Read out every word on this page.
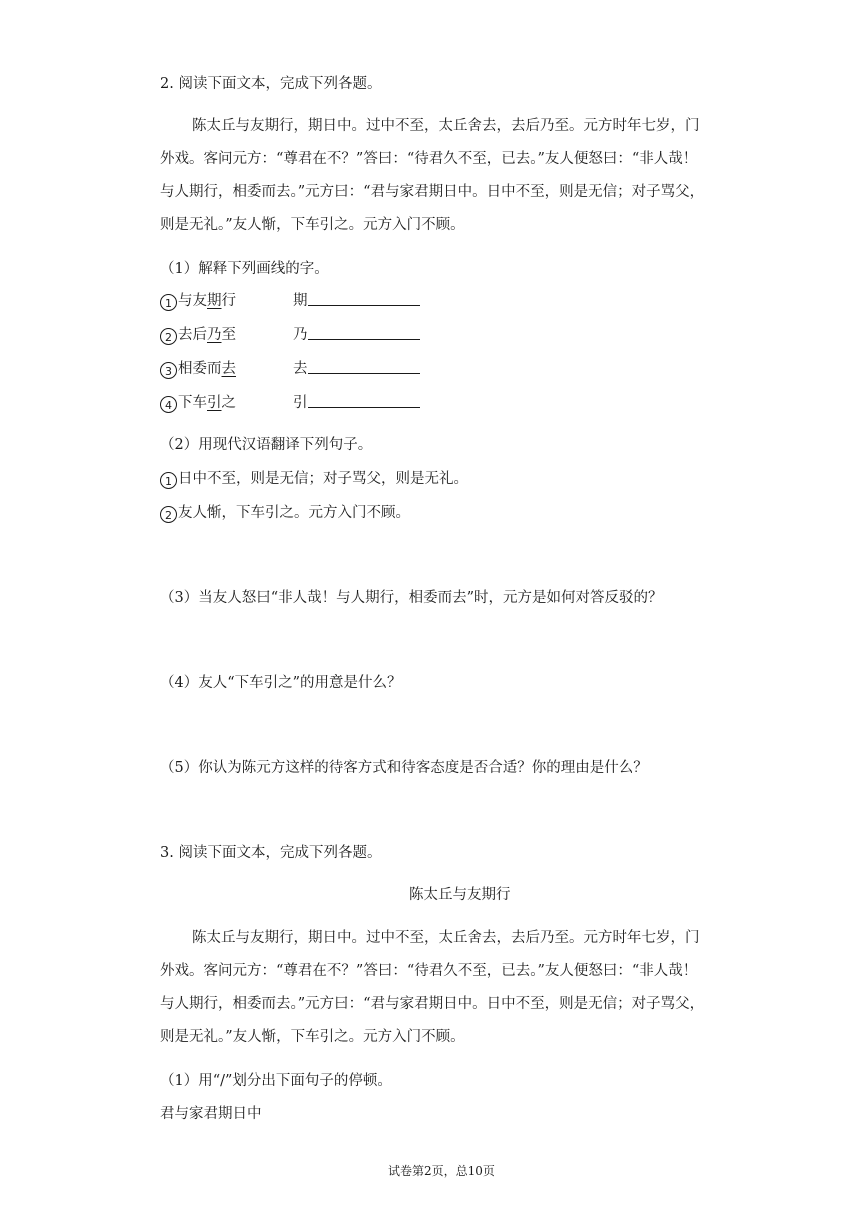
2. 阅读下面文本，完成下列各题。
陈太丘与友期行，期日中。过中不至，太丘舍去，去后乃至。元方时年七岁，门
外戏。客问元方：“尊君在不？”答曰：“待君久不至，已去。”友人便怒曰：“非人哉！
与人期行，相委而去。”元方曰：“君与家君期日中。日中不至，则是无信；对子骂父，
则是无礼。”友人惭，下车引之。元方入门不顾。
（1）解释下列画线的字。
1 与友期行	期
2 去后乃至	乃
3 相委而去	去
4 下车引之	引
（2）用现代汉语翻译下列句子。
1 日中不至，则是无信；对子骂父，则是无礼。
2 友人惭，下车引之。元方入门不顾。
（3）当友人怒曰“非人哉！与人期行，相委而去”时，元方是如何对答反驳的？
（4）友人“下车引之”的用意是什么？
（5）你认为陈元方这样的待客方式和待客态度是否合适？你的理由是什么？
3. 阅读下面文本，完成下列各题。
陈太丘与友期行
陈太丘与友期行，期日中。过中不至，太丘舍去，去后乃至。元方时年七岁，门
外戏。客问元方：“尊君在不？”答曰：“待君久不至，已去。”友人便怒曰：“非人哉！
与人期行，相委而去。”元方曰：“君与家君期日中。日中不至，则是无信；对子骂父，
则是无礼。”友人惭，下车引之。元方入门不顾。
（1）用“/”划分出下面句子的停顿。
君与家君期日中
试卷第2页，总10页
